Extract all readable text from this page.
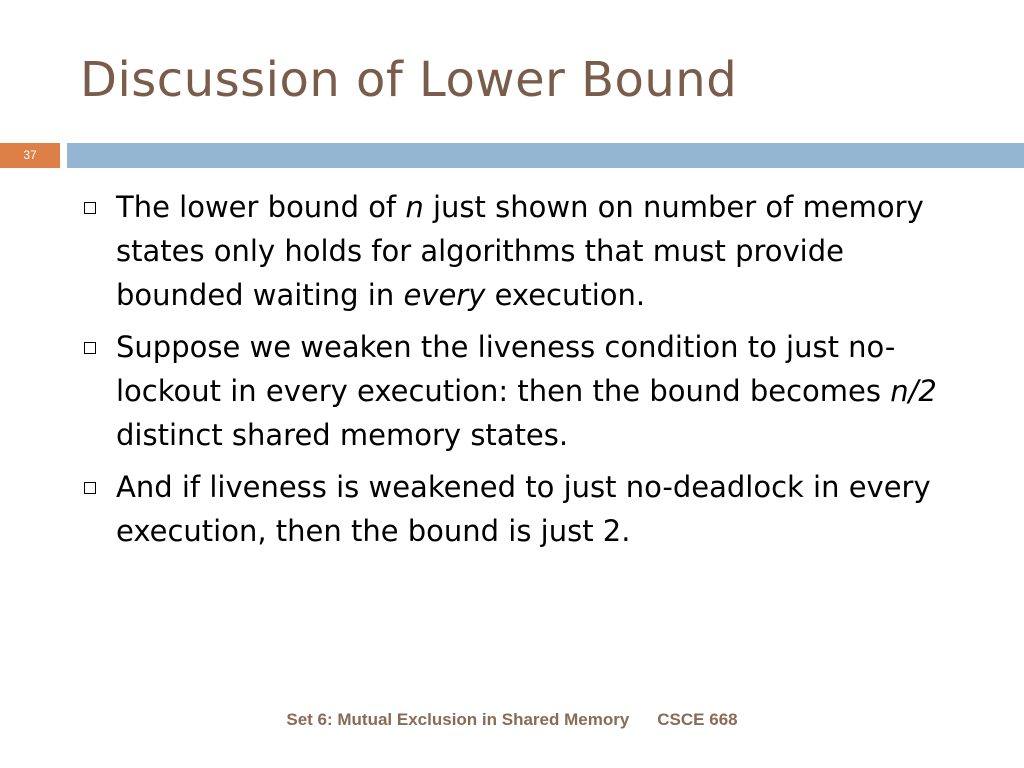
Discussion of Lower Bound
37
The lower bound of n just shown on number of memory states only holds for algorithms that must provide bounded waiting in every execution.
Suppose we weaken the liveness condition to just no-lockout in every execution: then the bound becomes n/2 distinct shared memory states.
And if liveness is weakened to just no-deadlock in every execution, then the bound is just 2.
Set 6: Mutual Exclusion in Shared Memory CSCE 668
